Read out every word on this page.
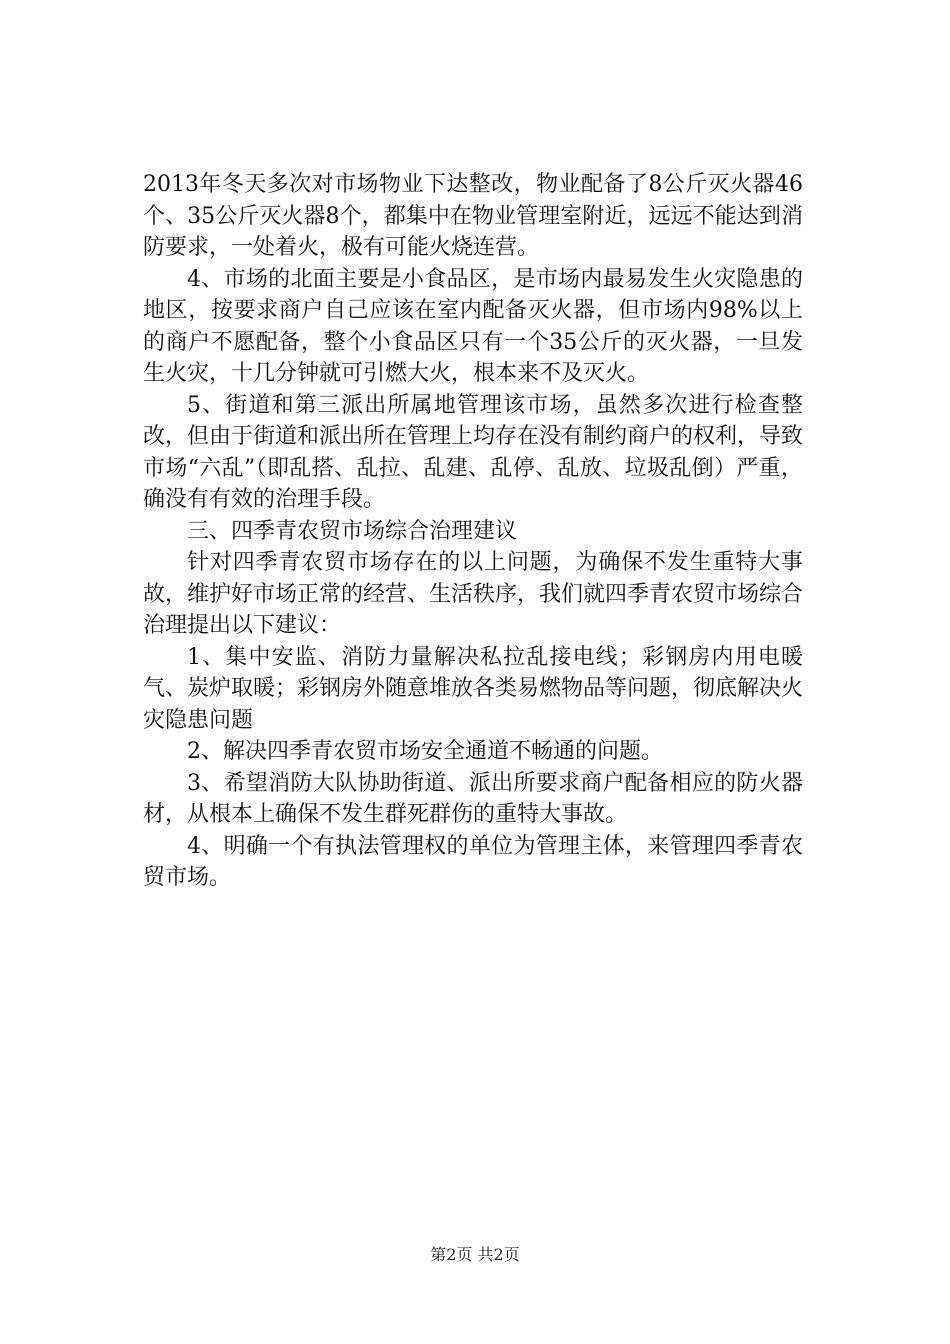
2013年冬天多次对市场物业下达整改，物业配备了8公斤灭火器46个、35公斤灭火器8个，都集中在物业管理室附近，远远不能达到消防要求，一处着火，极有可能火烧连营。

4、市场的北面主要是小食品区，是市场内最易发生火灾隐患的地区，按要求商户自己应该在室内配备灭火器，但市场内98%以上的商户不愿配备，整个小食品区只有一个35公斤的灭火器，一旦发生火灾，十几分钟就可引燃大火，根本来不及灭火。

5、街道和第三派出所属地管理该市场，虽然多次进行检查整改，但由于街道和派出所在管理上均存在没有制约商户的权利，导致市场“六乱”（即乱搭、乱拉、乱建、乱停、乱放、垃圾乱倒）严重，确没有有效的治理手段。

三、四季青农贸市场综合治理建议

针对四季青农贸市场存在的以上问题，为确保不发生重特大事故，维护好市场正常的经营、生活秩序，我们就四季青农贸市场综合治理提出以下建议：

1、集中安监、消防力量解决私拉乱接电线；彩钢房内用电暖气、炭炉取暖；彩钢房外随意堆放各类易燃物品等问题，彻底解决火灾隐患问题

2、解决四季青农贸市场安全通道不畅通的问题。

3、希望消防大队协助街道、派出所要求商户配备相应的防火器材，从根本上确保不发生群死群伤的重特大事故。

4、明确一个有执法管理权的单位为管理主体，来管理四季青农贸市场。

第2页 共2页
